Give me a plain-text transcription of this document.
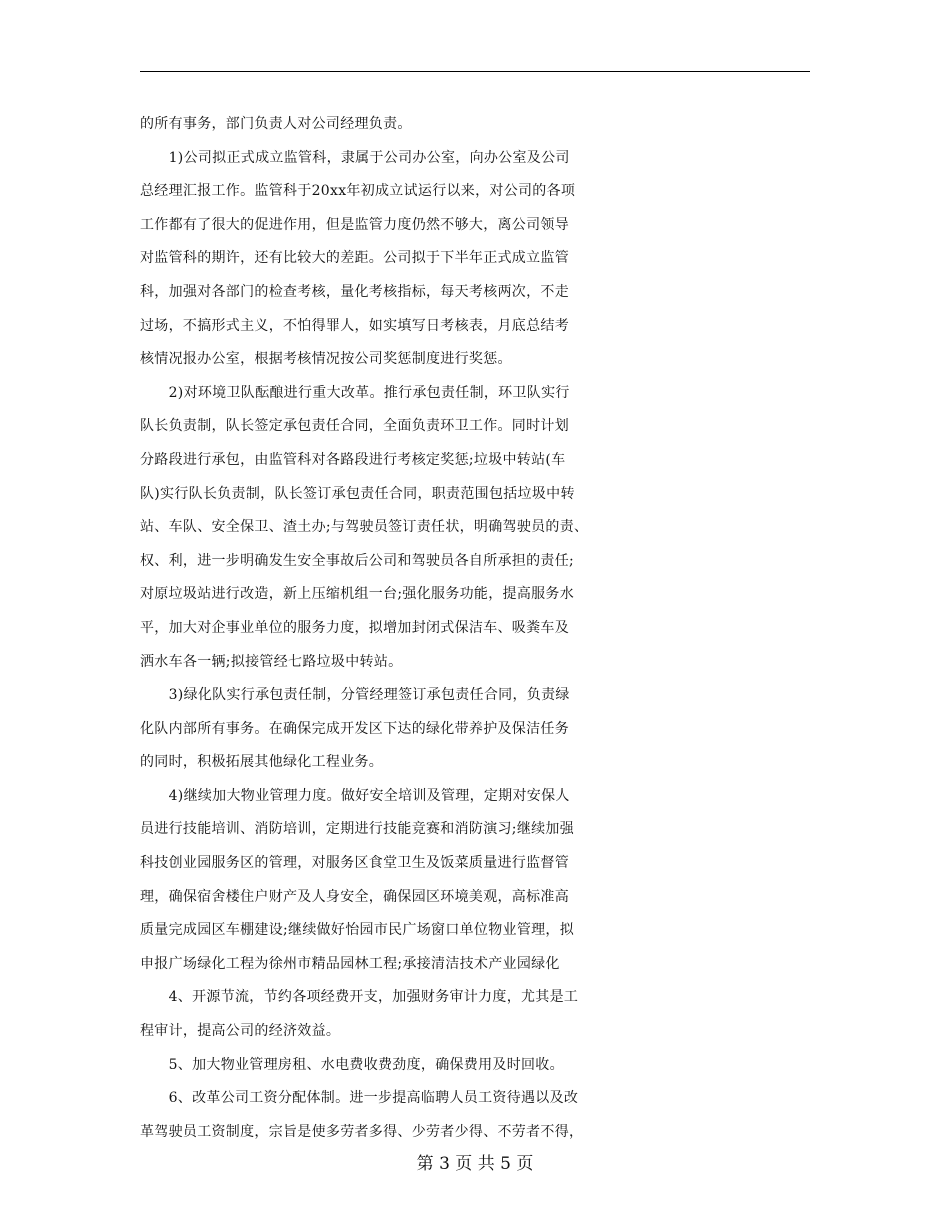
的所有事务，部门负责人对公司经理负责。
　　1)公司拟正式成立监管科，隶属于公司办公室，向办公室及公司
总经理汇报工作。监管科于20xx年初成立试运行以来，对公司的各项
工作都有了很大的促进作用，但是监管力度仍然不够大，离公司领导
对监管科的期许，还有比较大的差距。公司拟于下半年正式成立监管
科，加强对各部门的检查考核，量化考核指标，每天考核两次，不走
过场，不搞形式主义，不怕得罪人，如实填写日考核表，月底总结考
核情况报办公室，根据考核情况按公司奖惩制度进行奖惩。
　　2)对环境卫队酝酿进行重大改革。推行承包责任制，环卫队实行
队长负责制，队长签定承包责任合同，全面负责环卫工作。同时计划
分路段进行承包，由监管科对各路段进行考核定奖惩;垃圾中转站(车
队)实行队长负责制，队长签订承包责任合同，职责范围包括垃圾中转
站、车队、安全保卫、渣土办;与驾驶员签订责任状，明确驾驶员的责、
权、利，进一步明确发生安全事故后公司和驾驶员各自所承担的责任;
对原垃圾站进行改造，新上压缩机组一台;强化服务功能，提高服务水
平，加大对企事业单位的服务力度，拟增加封闭式保洁车、吸粪车及
洒水车各一辆;拟接管经七路垃圾中转站。
　　3)绿化队实行承包责任制，分管经理签订承包责任合同，负责绿
化队内部所有事务。在确保完成开发区下达的绿化带养护及保洁任务
的同时，积极拓展其他绿化工程业务。
　　4)继续加大物业管理力度。做好安全培训及管理，定期对安保人
员进行技能培训、消防培训，定期进行技能竞赛和消防演习;继续加强
科技创业园服务区的管理，对服务区食堂卫生及饭菜质量进行监督管
理，确保宿舍楼住户财产及人身安全，确保园区环境美观，高标准高
质量完成园区车棚建设;继续做好怡园市民广场窗口单位物业管理，拟
申报广场绿化工程为徐州市精品园林工程;承接清洁技术产业园绿化
　　4、开源节流，节约各项经费开支，加强财务审计力度，尤其是工
程审计，提高公司的经济效益。
　　5、加大物业管理房租、水电费收费劲度，确保费用及时回收。
　　6、改革公司工资分配体制。进一步提高临聘人员工资待遇以及改
革驾驶员工资制度，宗旨是使多劳者多得、少劳者少得、不劳者不得，
第 3 页 共 5 页
